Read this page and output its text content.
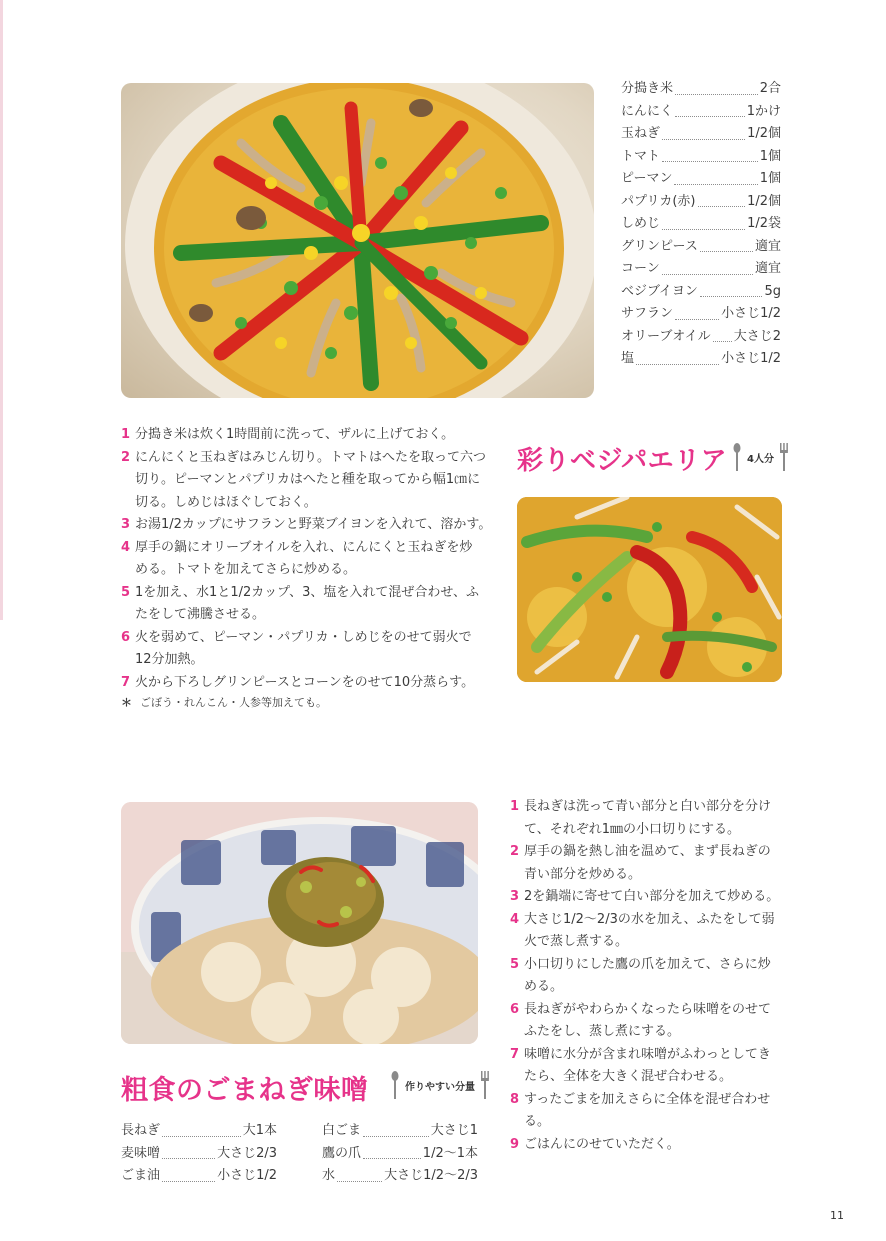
分搗き米	2合
にんにく	1かけ
玉ねぎ	1/2個
トマト	1個
ピーマン	1個
パプリカ(赤)	1/2個
しめじ	1/2袋
グリンピース	適宜
コーン	適宜
ベジブイヨン	5g
サフラン	小さじ1/2
オリーブオイル 大さじ2
塩	小さじ1/2
彩りベジパエリア 4人分
1 分搗き米は炊く1時間前に洗って、ザルに上げておく。
2 にんにくと玉ねぎはみじん切り。トマトはへたを取って六つ
切り。ピーマンとパプリカはへたと種を取ってから幅1㎝に
切る。しめじはほぐしておく。
3 お湯1/2カップにサフランと野菜ブイヨンを入れて、溶かす。
4 厚手の鍋にオリーブオイルを入れ、にんにくと玉ねぎを炒
める。トマトを加えてさらに炒める。
5 1を加え、水1と1/2カップ、3、塩を入れて混ぜ合わせ、ふ
たをして沸騰させる。
6 火を弱めて、ピーマン・パプリカ・しめじをのせて弱火で
12分加熱。
7 火から下ろしグリンピースとコーンをのせて10分蒸らす。
＊ ごぼう・れんこん・人参等加えても。
1 長ねぎは洗って青い部分と白い部分を分け
て、それぞれ1㎜の小口切りにする。
2 厚手の鍋を熱し油を温めて、まず長ねぎの
青い部分を炒める。
3 2を鍋端に寄せて白い部分を加えて炒める。
4 大さじ1/2〜2/3の水を加え、ふたをして弱
火で蒸し煮する。
5 小口切りにした鷹の爪を加えて、さらに炒
める。
6 長ねぎがやわらかくなったら味噌をのせて
ふたをし、蒸し煮にする。
7 味噌に水分が含まれ味噌がふわっとしてき
たら、全体を大きく混ぜ合わせる。
8 すったごまを加えさらに全体を混ぜ合わせ
る。
9 ごはんにのせていただく。
粗食のごまねぎ味噌	作りやすい分量
長ねぎ	大1本
麦味噌	大さじ2/3
ごま油	小さじ1/2
白ごま	大さじ1
鷹の爪	1/2〜1本
水	大さじ1/2〜2/3
11
